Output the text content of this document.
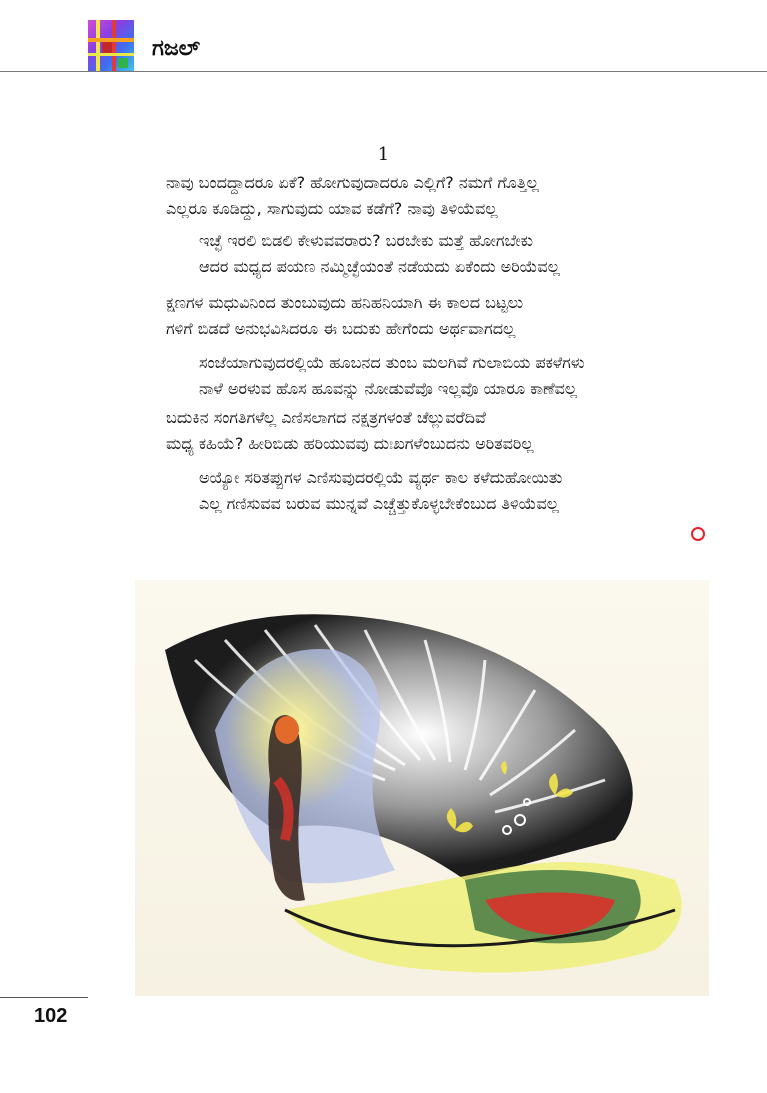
ಗಜಲ್
1
ನಾವು ಬಂದದ್ದಾದರೂ ಏಕೆ? ಹೋಗುವುದಾದರೂ ಎಲ್ಲಿಗೆ? ನಮಗೆ ಗೊತ್ತಿಲ್ಲ
ಎಲ್ಲರೂ ಕೂಡಿದ್ದು, ಸಾಗುವುದು ಯಾವ ಕಡೆಗೆ? ನಾವು ತಿಳಿಯೆವಲ್ಲ
ಇಚ್ಛೆ ಇರಲಿ ಬಿಡಲಿ ಕೇಳುವವರಾರು? ಬರಬೇಕು ಮತ್ತೆ ಹೋಗಬೇಕು
ಆದರ ಮಧ್ಯದ ಪಯಣ ನಮ್ಮಿಚ್ಛೆಯಂತೆ ನಡೆಯದು ಏಕೆಂದು ಅರಿಯೆವಲ್ಲ
ಕ್ಷಣಗಳ ಮಧುವಿನಿಂದ ತುಂಬುವುದು ಹನಿಹನಿಯಾಗಿ ಈ ಕಾಲದ ಬಟ್ಟಲು
ಗಳಿಗೆ ಬಿಡದೆ ಅನುಭವಿಸಿದರೂ ಈ ಬದುಕು ಹೇಗೆಂದು ಅರ್ಥವಾಗದಲ್ಲ
ಸಂಜೆಯಾಗುವುದರಲ್ಲಿಯೆ ಹೂಬನದ ತುಂಬ ಮಲಗಿವೆ ಗುಲಾಬಿಯ ಪಕಳೆಗಳು
ನಾಳೆ ಅರಳುವ ಹೊಸ ಹೂವನ್ನು ನೋಡುವೆವೊ ಇಲ್ಲವೊ ಯಾರೂ ಕಾಣೆವಲ್ಲ
ಬದುಕಿನ ಸಂಗತಿಗಳೆಲ್ಲ ಎಣಿಸಲಾಗದ ನಕ್ಷತ್ರಗಳಂತೆ ಚೆಲ್ಲುವರೆದಿವೆ
ಮಧ್ಯ ಕಹಿಯೆ? ಹೀರಿಬಿಡು ಹರಿಯುವವು ದುಃಖಗಳೆಂಬುದನು ಅರಿತವರಿಲ್ಲ
ಅಯ್ಯೋ ಸರಿತಪ್ಪುಗಳ ಎಣಿಸುವುದರಲ್ಲಿಯೆ ವ್ಯರ್ಥ ಕಾಲ ಕಳೆದುಹೋಯಿತು
ಎಲ್ಲ ಗಣಿಸುವವ ಬರುವ ಮುನ್ನವೆ ಎಚ್ಚೆತ್ತುಕೊಳ್ಳಬೇಕೆಂಬುದ ತಿಳಿಯೆವಲ್ಲ
102
